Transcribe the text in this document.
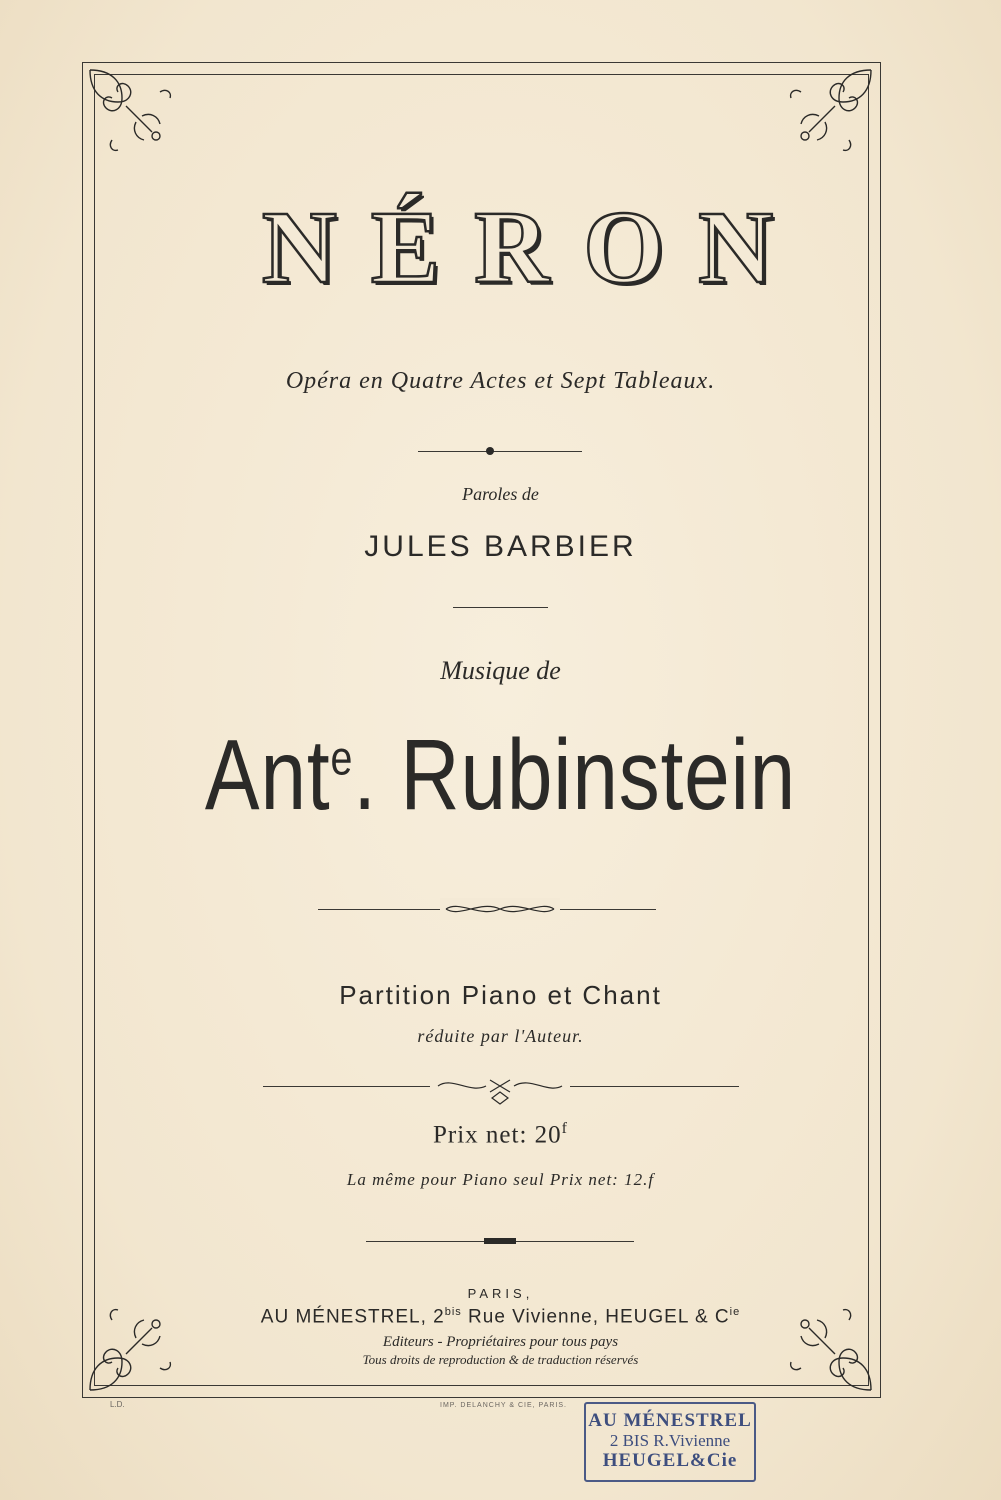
NÉRON
Opéra en Quatre Actes et Sept Tableaux.
Paroles de
JULES BARBIER
Musique de
Ant$^e$. Rubinstein
Partition Piano et Chant
réduite par l'Auteur.
Prix net: 20$^f$
La même pour Piano seul Prix net: 12.f
PARIS,
AU MÉNESTREL, $2^{bis}$ Rue Vivienne, HEUGEL & $C^{ie}$
Editeurs - Propriétaires pour tous pays
Tous droits de reproduction & de traduction réservés
L.D.	IMP. DELANCHY & CIE, PARIS.
AU MÉNESTREL
2 BIS R.Vivienne
HEUGEL&Cie
